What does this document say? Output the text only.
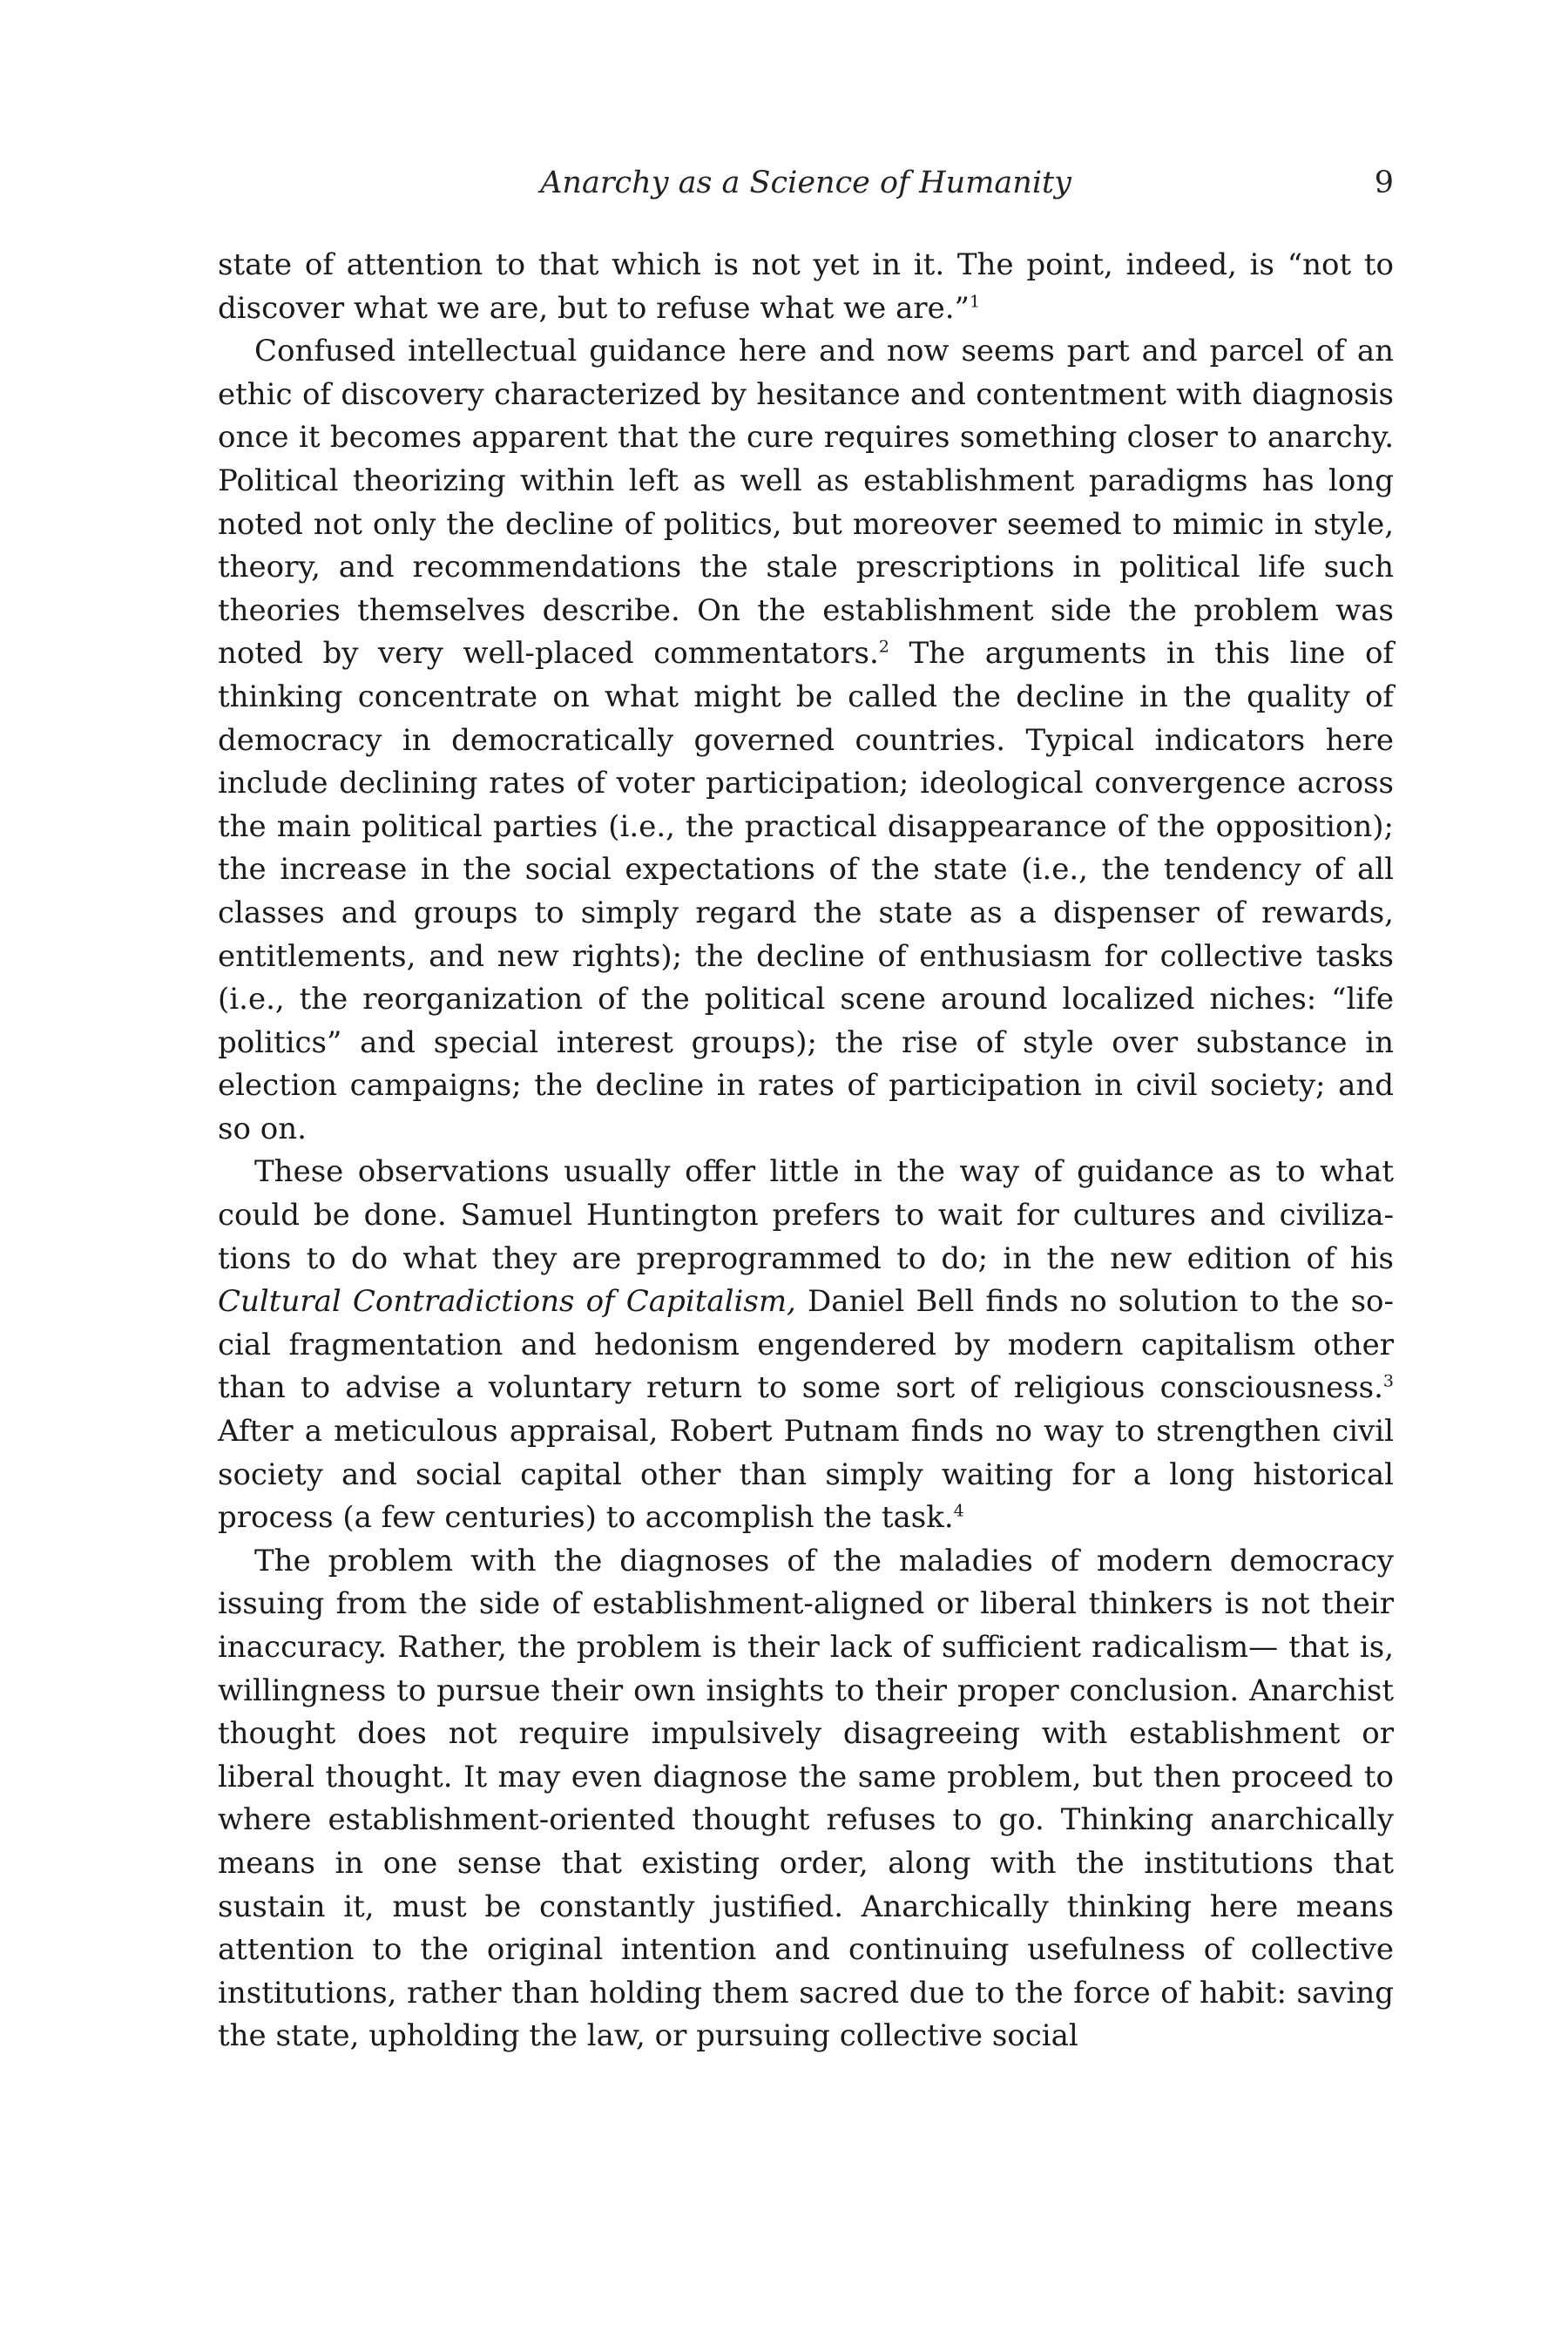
Anarchy as a Science of Humanity	9

state of attention to that which is not yet in it. The point, indeed, is “not to discover what we are, but to refuse what we are.”$^1$

Confused intellectual guidance here and now seems part and parcel of an ethic of discovery characterized by hesitance and contentment with diagnosis once it becomes apparent that the cure requires something closer to anarchy. Political theorizing within left as well as establishment paradigms has long noted not only the decline of politics, but moreover seemed to mimic in style, theory, and recommendations the stale prescriptions in political life such theories themselves describe. On the establishment side the problem was noted by very well-placed commentators.$^2$ The arguments in this line of thinking concentrate on what might be called the decline in the quality of democracy in democratically governed countries. Typical indicators here include declining rates of voter participation; ideological convergence across the main political parties (i.e., the practical disappearance of the opposition); the increase in the social expectations of the state (i.e., the tendency of all classes and groups to simply regard the state as a dispenser of rewards, entitlements, and new rights); the decline of enthusiasm for collective tasks (i.e., the reorganization of the political scene around localized niches: “life politics” and special interest groups); the rise of style over substance in election campaigns; the decline in rates of participation in civil society; and so on.

These observations usually offer little in the way of guidance as to what could be done. Samuel Huntington prefers to wait for cultures and civilizations to do what they are preprogrammed to do; in the new edition of his Cultural Contradictions of Capitalism, Daniel Bell finds no solution to the social fragmentation and hedonism engendered by modern capitalism other than to advise a voluntary return to some sort of religious consciousness.$^3$ After a meticulous appraisal, Robert Putnam finds no way to strengthen civil society and social capital other than simply waiting for a long historical process (a few centuries) to accomplish the task.$^4$

The problem with the diagnoses of the maladies of modern democracy issuing from the side of establishment-aligned or liberal thinkers is not their inaccuracy. Rather, the problem is their lack of sufficient radicalism— that is, willingness to pursue their own insights to their proper conclusion. Anarchist thought does not require impulsively disagreeing with establishment or liberal thought. It may even diagnose the same problem, but then proceed to where establishment-oriented thought refuses to go. Thinking anarchically means in one sense that existing order, along with the institutions that sustain it, must be constantly justified. Anarchically thinking here means attention to the original intention and continuing usefulness of collective institutions, rather than holding them sacred due to the force of habit: saving the state, upholding the law, or pursuing collective social
